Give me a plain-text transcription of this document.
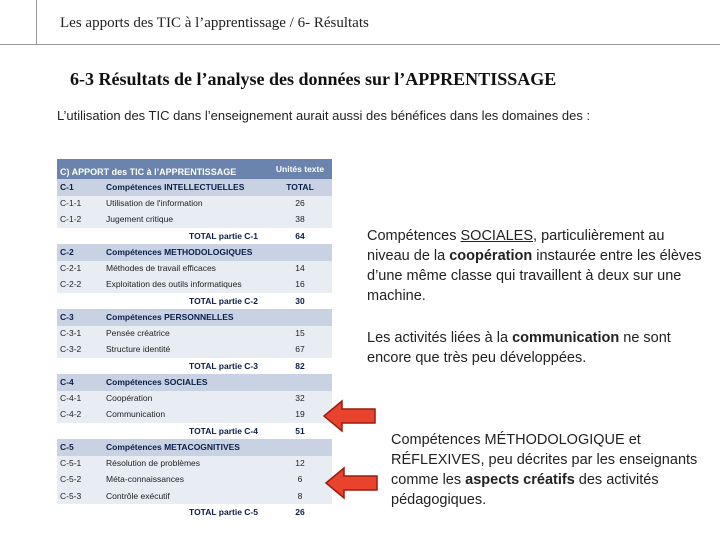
Les apports des TIC à l’apprentissage / 6- Résultats
6-3 Résultats de l’analyse des données sur l’APPRENTISSAGE
L’utilisation des TIC dans l’enseignement aurait aussi des bénéfices dans les domaines des :
C) APPORT des TIC à l’APPRENTISSAGE		Unités texte
C-1	Compétences INTELLECTUELLES	TOTAL
C-1-1	Utilisation de l'information	26
C-1-2	Jugement critique	38
TOTAL partie C-1		64
C-2	Compétences METHODOLOGIQUES	
C-2-1	Méthodes de travail efficaces	14
C-2-2	Exploitation des outils informatiques	16
TOTAL partie C-2		30
C-3	Compétences PERSONNELLES	
C-3-1	Pensée créatrice	15
C-3-2	Structure identité	67
TOTAL partie C-3		82
C-4	Compétences SOCIALES	
C-4-1	Coopération	32
C-4-2	Communication	19
TOTAL partie C-4		51
C-5	Compétences METACOGNITIVES	
C-5-1	Résolution de problèmes	12
C-5-2	Méta-connaissances	6
C-5-3	Contrôle exécutif	8
TOTAL partie C-5		26
Compétences SOCIALES, particulièrement au niveau de la coopération instaurée entre les élèves d’une même classe qui travaillent à deux sur une machine.
Les activités liées à la communication ne sont encore que très peu développées.
Compétences MÉTHODOLOGIQUE et RÉFLEXIVES, peu décrites par les enseignants comme les aspects créatifs des activités pédagogiques.
